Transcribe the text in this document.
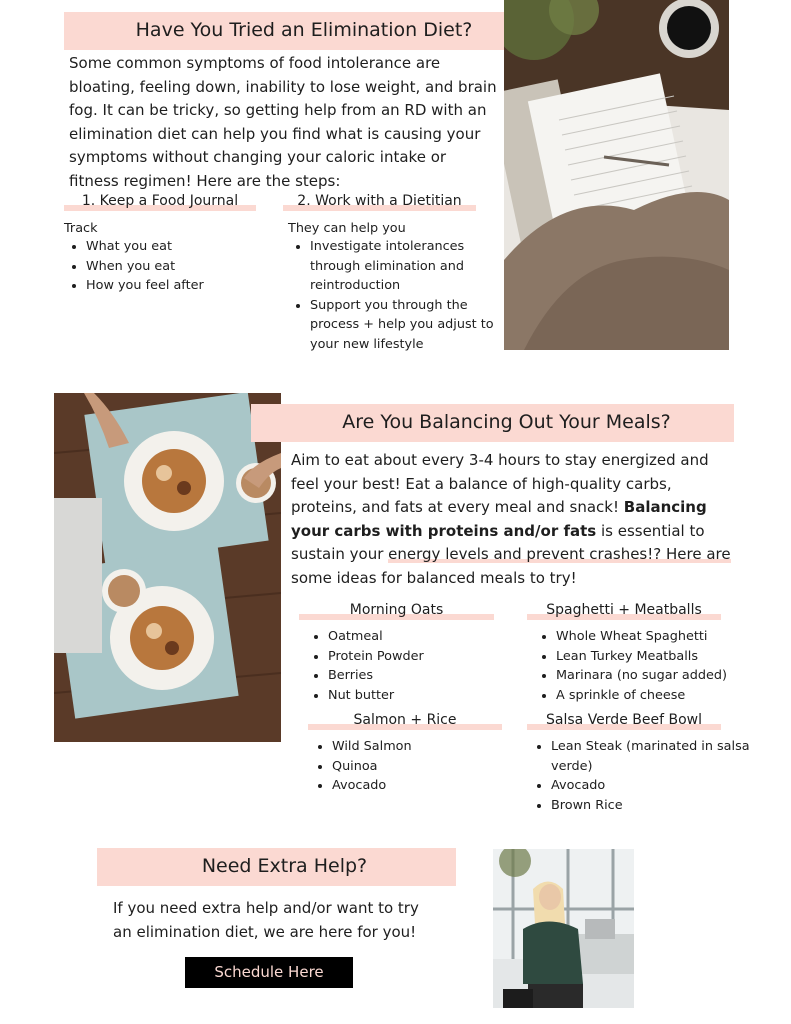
Have You Tried an Elimination Diet?
Some common symptoms of food intolerance are bloating, feeling down, inability to lose weight, and brain fog. It can be tricky, so getting help from an RD with an elimination diet can help you find what is causing your symptoms without changing your caloric intake or fitness regimen! Here are the steps:
1. Keep a Food Journal
Track
• What you eat
• When you eat
• How you feel after
2. Work with a Dietitian
They can help you
• Investigate intolerances through elimination and reintroduction
• Support you through the process + help you adjust to your new lifestyle
Are You Balancing Out Your Meals?
Aim to eat about every 3-4 hours to stay energized and feel your best! Eat a balance of high-quality carbs, proteins, and fats at every meal and snack! Balancing your carbs with proteins and/or fats is essential to sustain your energy levels and prevent crashes!? Here are some ideas for balanced meals to try!
Morning Oats
• Oatmeal
• Protein Powder
• Berries
• Nut butter
Spaghetti + Meatballs
• Whole Wheat Spaghetti
• Lean Turkey Meatballs
• Marinara (no sugar added)
• A sprinkle of cheese
Salmon + Rice
• Wild Salmon
• Quinoa
• Avocado
Salsa Verde Beef Bowl
• Lean Steak (marinated in salsa verde)
• Avocado
• Brown Rice
Need Extra Help?
If you need extra help and/or want to try an elimination diet, we are here for you!
Schedule Here
